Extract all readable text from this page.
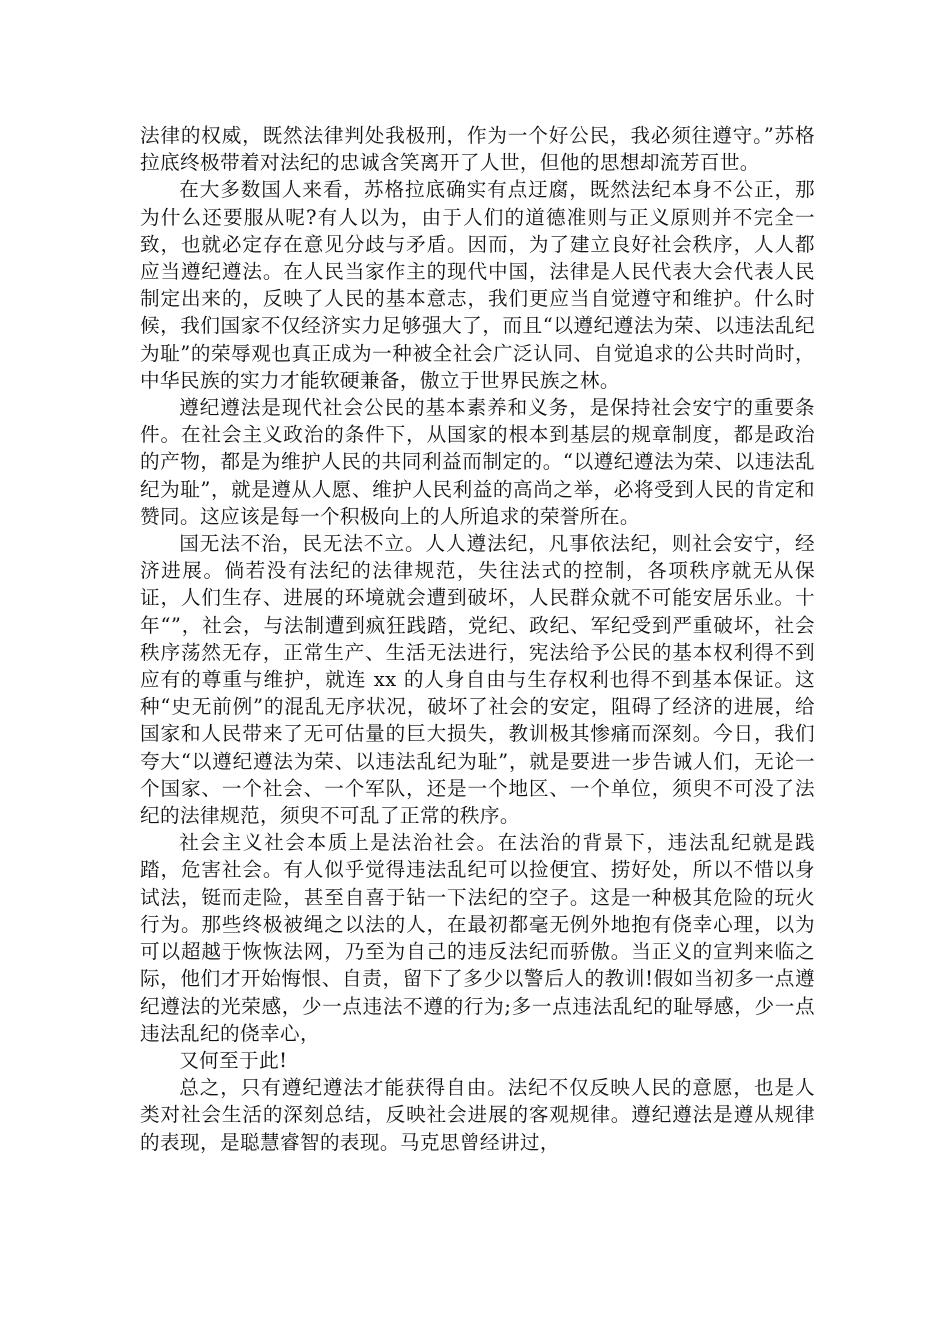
法律的权威，既然法律判处我极刑，作为一个好公民，我必须往遵守。”苏格拉底终极带着对法纪的忠诚含笑离开了人世，但他的思想却流芳百世。

在大多数国人来看，苏格拉底确实有点迂腐，既然法纪本身不公正，那为什么还要服从呢?有人以为，由于人们的道德准则与正义原则并不完全一致，也就必定存在意见分歧与矛盾。因而，为了建立良好社会秩序，人人都应当遵纪遵法。在人民当家作主的现代中国，法律是人民代表大会代表人民制定出来的，反映了人民的基本意志，我们更应当自觉遵守和维护。什么时候，我们国家不仅经济实力足够强大了，而且“以遵纪遵法为荣、以违法乱纪为耻”的荣辱观也真正成为一种被全社会广泛认同、自觉追求的公共时尚时，中华民族的实力才能软硬兼备，傲立于世界民族之林。

遵纪遵法是现代社会公民的基本素养和义务，是保持社会安宁的重要条件。在社会主义政治的条件下，从国家的根本到基层的规章制度，都是政治的产物，都是为维护人民的共同利益而制定的。“以遵纪遵法为荣、以违法乱纪为耻”，就是遵从人愿、维护人民利益的高尚之举，必将受到人民的肯定和赞同。这应该是每一个积极向上的人所追求的荣誉所在。

国无法不治，民无法不立。人人遵法纪，凡事依法纪，则社会安宁，经济进展。倘若没有法纪的法律规范，失往法式的控制，各项秩序就无从保证，人们生存、进展的环境就会遭到破坏，人民群众就不可能安居乐业。十年“”，社会，与法制遭到疯狂践踏，党纪、政纪、军纪受到严重破坏，社会秩序荡然无存，正常生产、生活无法进行，宪法给予公民的基本权利得不到应有的尊重与维护，就连 xx 的人身自由与生存权利也得不到基本保证。这种“史无前例”的混乱无序状况，破坏了社会的安定，阻碍了经济的进展，给国家和人民带来了无可估量的巨大损失，教训极其惨痛而深刻。今日，我们夸大“以遵纪遵法为荣、以违法乱纪为耻”，就是要进一步告诫人们，无论一个国家、一个社会、一个军队，还是一个地区、一个单位，须臾不可没了法纪的法律规范，须臾不可乱了正常的秩序。

社会主义社会本质上是法治社会。在法治的背景下，违法乱纪就是践踏，危害社会。有人似乎觉得违法乱纪可以捡便宜、捞好处，所以不惜以身试法，铤而走险，甚至自喜于钻一下法纪的空子。这是一种极其危险的玩火行为。那些终极被绳之以法的人，在最初都毫无例外地抱有侥幸心理，以为可以超越于恢恢法网，乃至为自己的违反法纪而骄傲。当正义的宣判来临之际，他们才开始悔恨、自责，留下了多少以警后人的教训!假如当初多一点遵纪遵法的光荣感，少一点违法不遵的行为;多一点违法乱纪的耻辱感，少一点违法乱纪的侥幸心，

又何至于此!

总之，只有遵纪遵法才能获得自由。法纪不仅反映人民的意愿，也是人类对社会生活的深刻总结，反映社会进展的客观规律。遵纪遵法是遵从规律的表现，是聪慧睿智的表现。马克思曾经讲过，
